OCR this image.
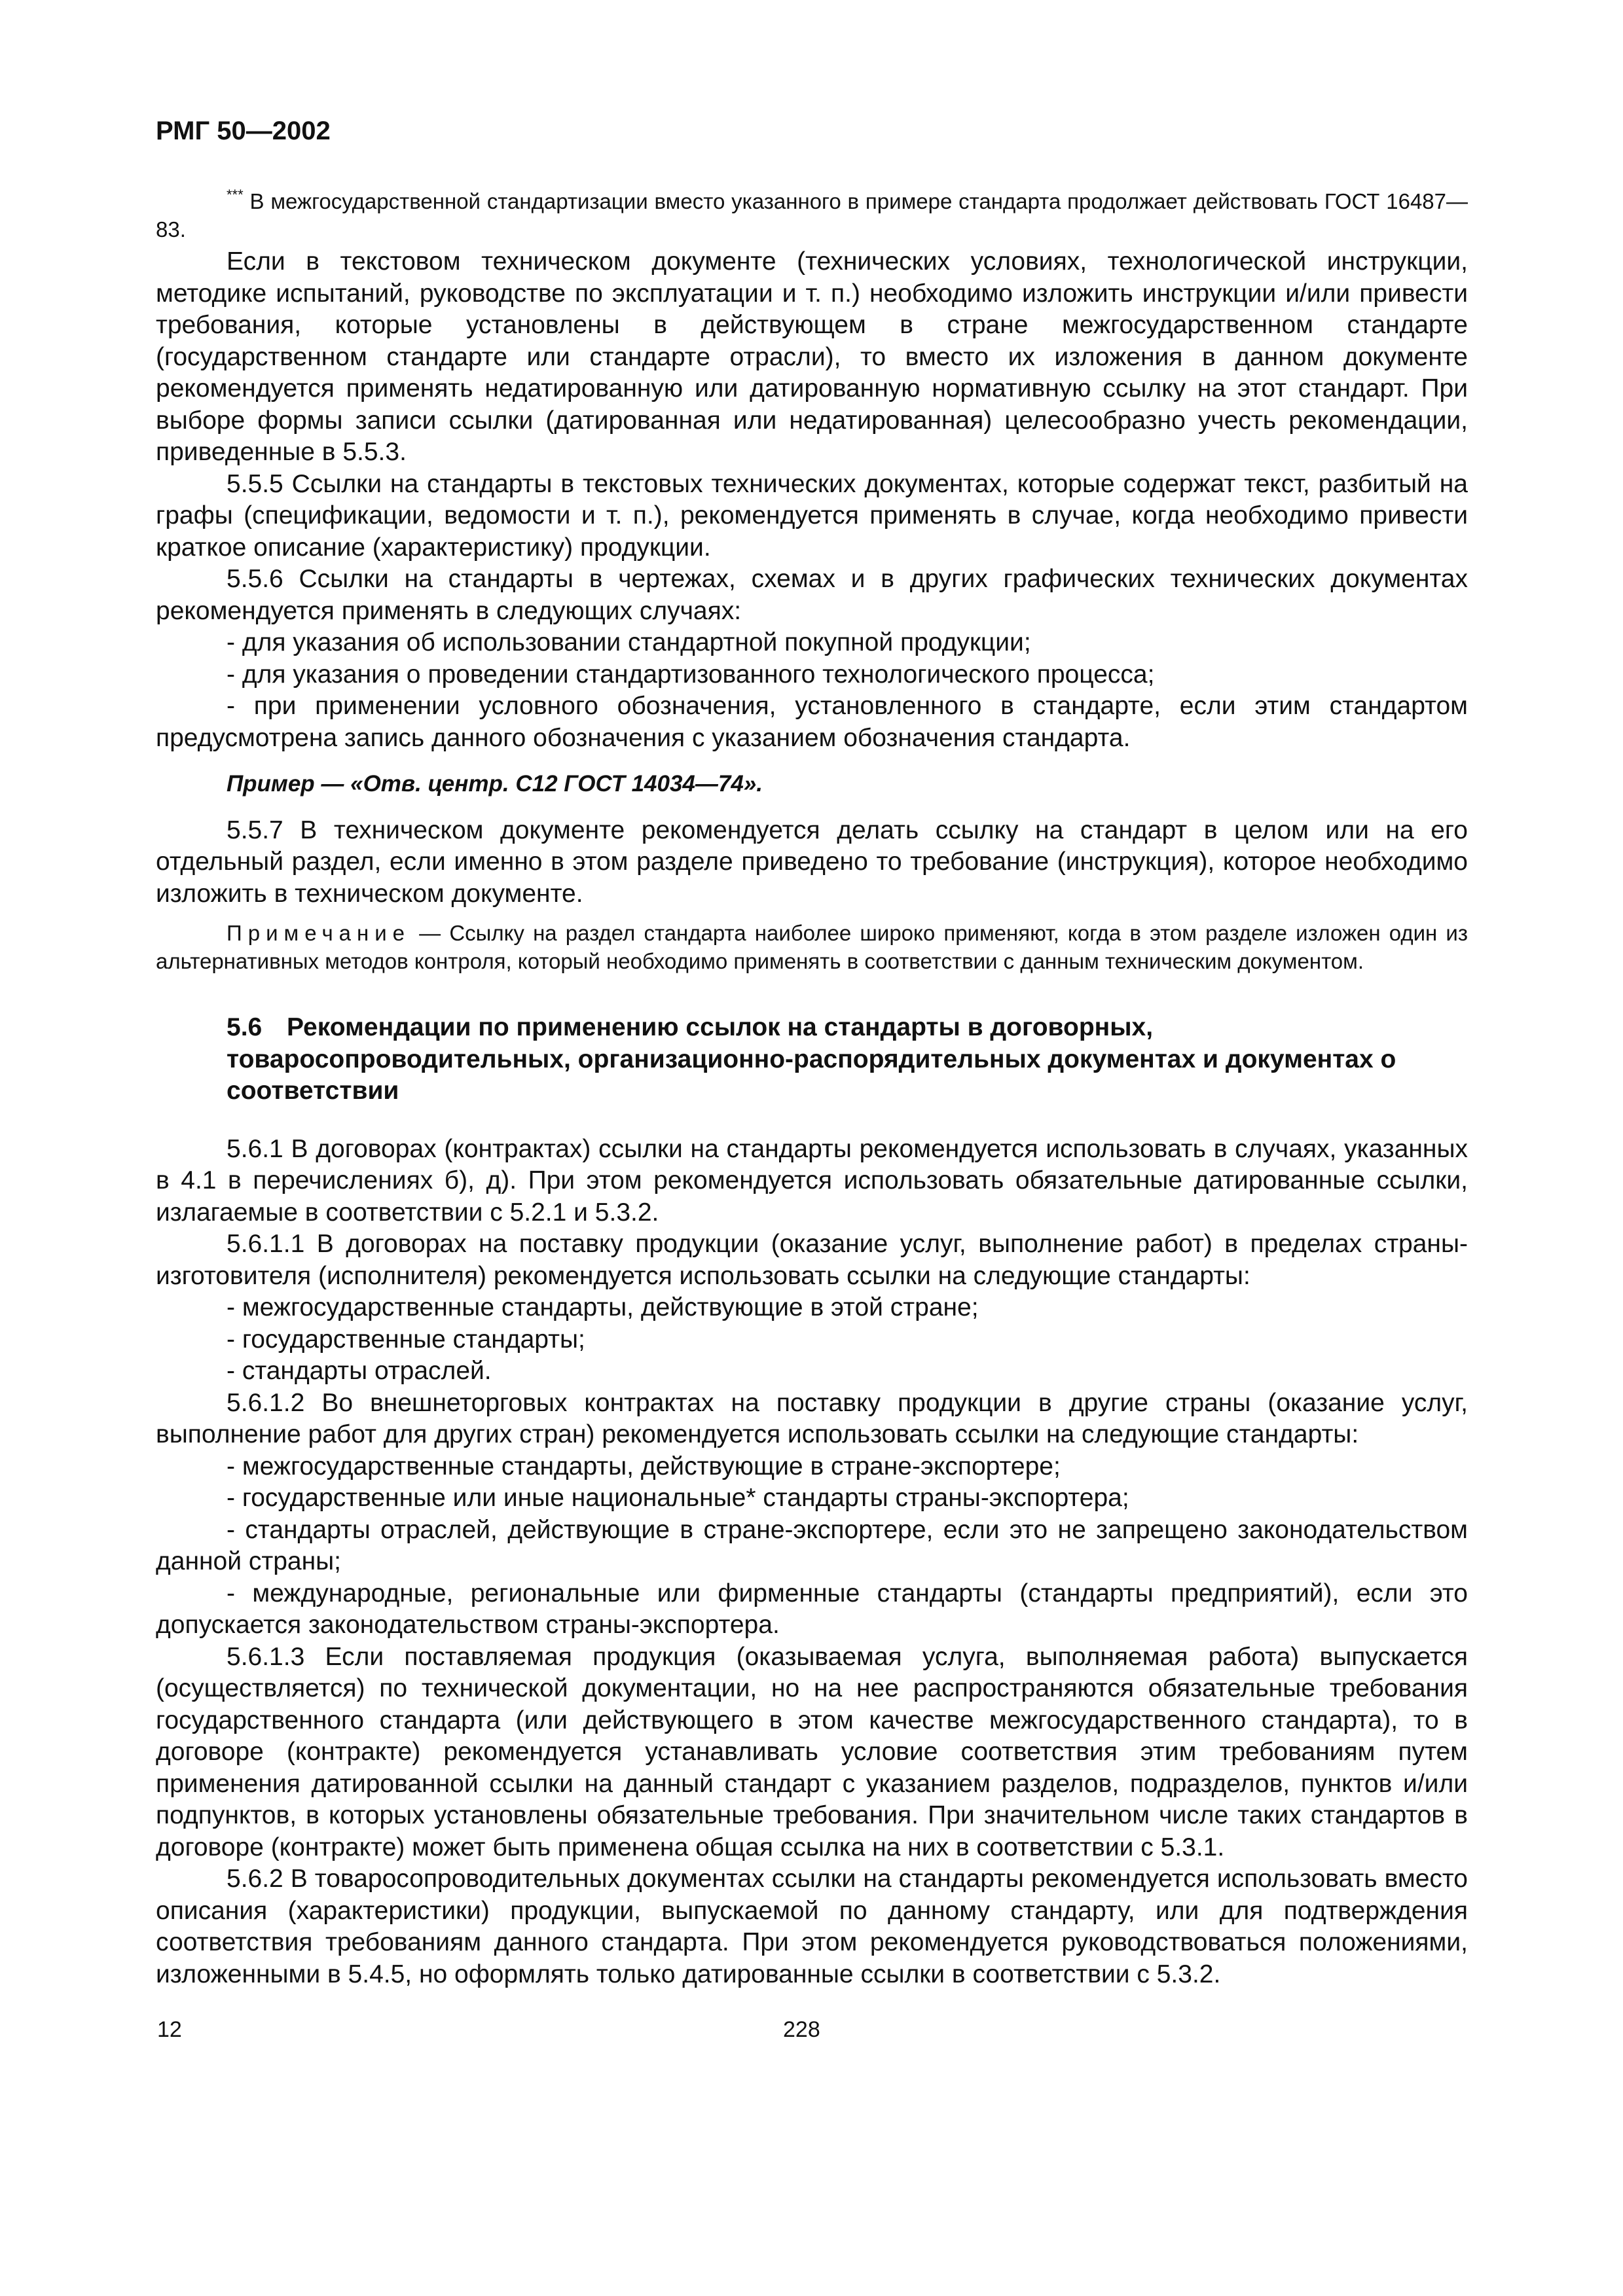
РМГ 50—2002

*** В межгосударственной стандартизации вместо указанного в примере стандарта продолжает действовать ГОСТ 16487—83.

Если в текстовом техническом документе (технических условиях, технологической инструкции, методике испытаний, руководстве по эксплуатации и т. п.) необходимо изложить инструкции и/или привести требования, которые установлены в действующем в стране межгосударственном стандарте (государственном стандарте или стандарте отрасли), то вместо их изложения в данном документе рекомендуется применять недатированную или датированную нормативную ссылку на этот стандарт. При выборе формы записи ссылки (датированная или недатированная) целесообразно учесть рекомендации, приведенные в 5.5.3.

5.5.5 Ссылки на стандарты в текстовых технических документах, которые содержат текст, разбитый на графы (спецификации, ведомости и т. п.), рекомендуется применять в случае, когда необходимо привести краткое описание (характеристику) продукции.

5.5.6 Ссылки на стандарты в чертежах, схемах и в других графических технических документах рекомендуется применять в следующих случаях:

- для указания об использовании стандартной покупной продукции;

- для указания о проведении стандартизованного технологического процесса;

- при применении условного обозначения, установленного в стандарте, если этим стандартом предусмотрена запись данного обозначения с указанием обозначения стандарта.

Пример — «Отв. центр. С12 ГОСТ 14034—74».

5.5.7 В техническом документе рекомендуется делать ссылку на стандарт в целом или на его отдельный раздел, если именно в этом разделе приведено то требование (инструкция), которое необходимо изложить в техническом документе.

Примечание — Ссылку на раздел стандарта наиболее широко применяют, когда в этом разделе изложен один из альтернативных методов контроля, который необходимо применять в соответствии с данным техническим документом.

5.6 Рекомендации по применению ссылок на стандарты в договорных, товаросопроводительных, организационно-распорядительных документах и документах о соответствии

5.6.1 В договорах (контрактах) ссылки на стандарты рекомендуется использовать в случаях, указанных в 4.1 в перечислениях б), д). При этом рекомендуется использовать обязательные датированные ссылки, излагаемые в соответствии с 5.2.1 и 5.3.2.

5.6.1.1 В договорах на поставку продукции (оказание услуг, выполнение работ) в пределах страны-изготовителя (исполнителя) рекомендуется использовать ссылки на следующие стандарты:

- межгосударственные стандарты, действующие в этой стране;

- государственные стандарты;

- стандарты отраслей.

5.6.1.2 Во внешнеторговых контрактах на поставку продукции в другие страны (оказание услуг, выполнение работ для других стран) рекомендуется использовать ссылки на следующие стандарты:

- межгосударственные стандарты, действующие в стране-экспортере;

- государственные или иные национальные* стандарты страны-экспортера;

- стандарты отраслей, действующие в стране-экспортере, если это не запрещено законодательством данной страны;

- международные, региональные или фирменные стандарты (стандарты предприятий), если это допускается законодательством страны-экспортера.

5.6.1.3 Если поставляемая продукция (оказываемая услуга, выполняемая работа) выпускается (осуществляется) по технической документации, но на нее распространяются обязательные требования государственного стандарта (или действующего в этом качестве межгосударственного стандарта), то в договоре (контракте) рекомендуется устанавливать условие соответствия этим требованиям путем применения датированной ссылки на данный стандарт с указанием разделов, подразделов, пунктов и/или подпунктов, в которых установлены обязательные требования. При значительном числе таких стандартов в договоре (контракте) может быть применена общая ссылка на них в соответствии с 5.3.1.

5.6.2 В товаросопроводительных документах ссылки на стандарты рекомендуется использовать вместо описания (характеристики) продукции, выпускаемой по данному стандарту, или для подтверждения соответствия требованиям данного стандарта. При этом рекомендуется руководствоваться положениями, изложенными в 5.4.5, но оформлять только датированные ссылки в соответствии с 5.3.2.

12	228
